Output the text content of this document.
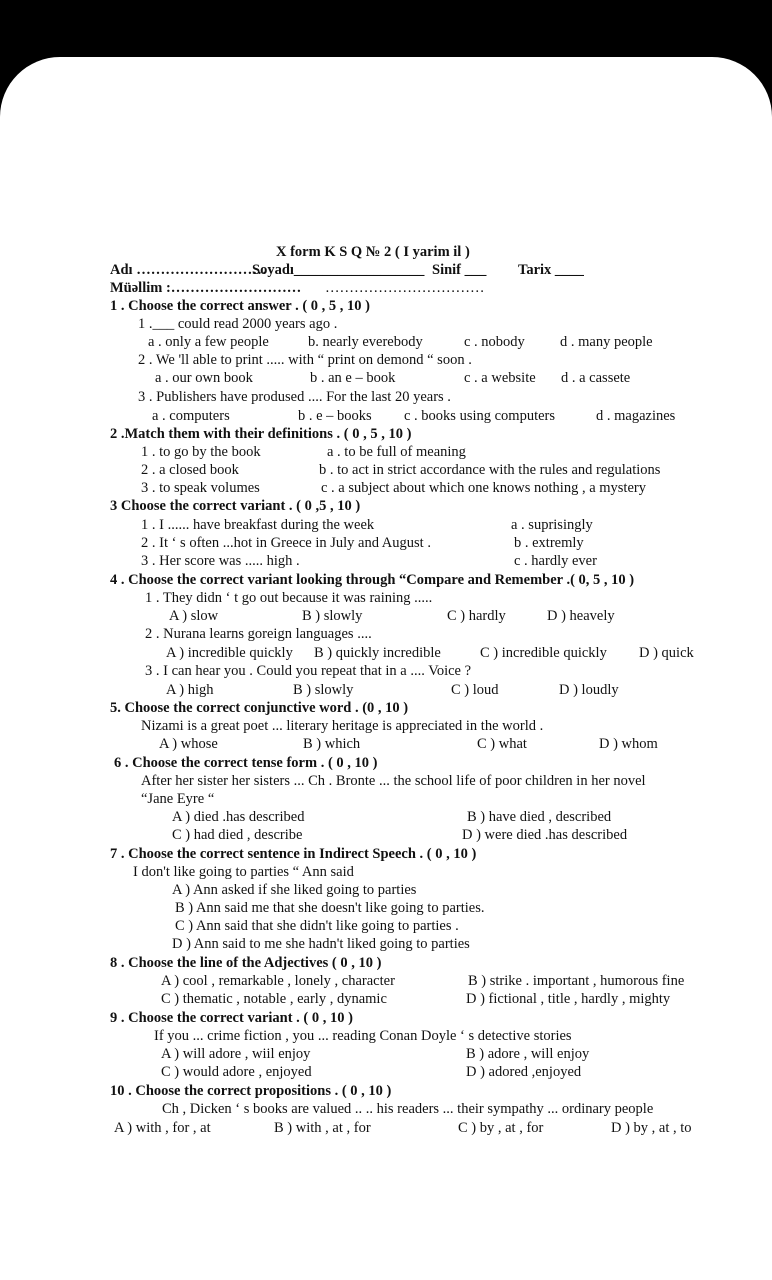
X form K S Q № 2 ( I yarim il )
Adı ………………………
Soyadı__________________ Sinif ___ Tarix ____
Müəllim :……………………… ……………………………
1 . Choose the correct answer . ( 0 , 5 , 10 )
1 .___ could read 2000 years ago .
a . only a few people	b. nearly everebody	c . nobody d . many people
2 . We 'll able to print ..... with “ print on demond “ soon .
a . our own book	b . an e – book	c . a website d . a cassete
3 . Publishers have prodused .... For the last 20 years .
a . computers	b . e – books c . books using computers	d . magazines
2 .Match them with their definitions . ( 0 , 5 , 10 )
1 . to go by the book	a . to be full of meaning
2 . a closed book	b . to act in strict accordance with the rules and regulations
3 . to speak volumes	c . a subject about which one knows nothing , a mystery
3 Choose the correct variant . ( 0 ,5 , 10 )
1 . I ...... have breakfast during the week	a . suprisingly
2 . It ‘ s often ...hot in Greece in July and August .	b . extremly
3 . Her score was ..... high .	c . hardly ever
4 . Choose the correct variant looking through “Compare and Remember .( 0, 5 , 10 )
1 . They didn ‘ t go out because it was raining .....
A ) slow	B ) slowly	C ) hardly	D ) heavely
2 . Nurana learns goreign languages ....
A ) incredible quickly B ) quickly incredible	C ) incredible quickly D ) quick
3 . I can hear you . Could you repeat that in a .... Voice ?
A ) high	B ) slowly	C ) loud	D ) loudly
5. Choose the correct conjunctive word . (0 , 10 )
Nizami is a great poet ... literary heritage is appreciated in the world .
A ) whose	B ) which	C ) what	D ) whom
6 . Choose the correct tense form . ( 0 , 10 )
After her sister her sisters ... Ch . Bronte ... the school life of poor children in her novel
“Jane Eyre “
A ) died .has described	B ) have died , described
C ) had died , describe	D ) were died .has described
7 . Choose the correct sentence in Indirect Speech . ( 0 , 10 )
I don't like going to parties “ Ann said
A ) Ann asked if she liked going to parties
B ) Ann said me that she doesn't like going to parties.
C ) Ann said that she didn't like going to parties .
D ) Ann said to me she hadn't liked going to parties
8 . Choose the line of the Adjectives ( 0 , 10 )
A ) cool , remarkable , lonely , character	B ) strike . important , humorous fine
C ) thematic , notable , early , dynamic	D ) fictional , title , hardly , mighty
9 . Choose the correct variant . ( 0 , 10 )
If you ... crime fiction , you ... reading Conan Doyle ‘ s detective stories
A ) will adore , wiil enjoy	B ) adore , will enjoy
C ) would adore , enjoyed	D ) adored ,enjoyed
10 . Choose the correct propositions . ( 0 , 10 )
Ch , Dicken ‘ s books are valued .. .. his readers ... their sympathy ... ordinary people
A ) with , for , at	B ) with , at , for	C ) by , at , for	D ) by , at , to
